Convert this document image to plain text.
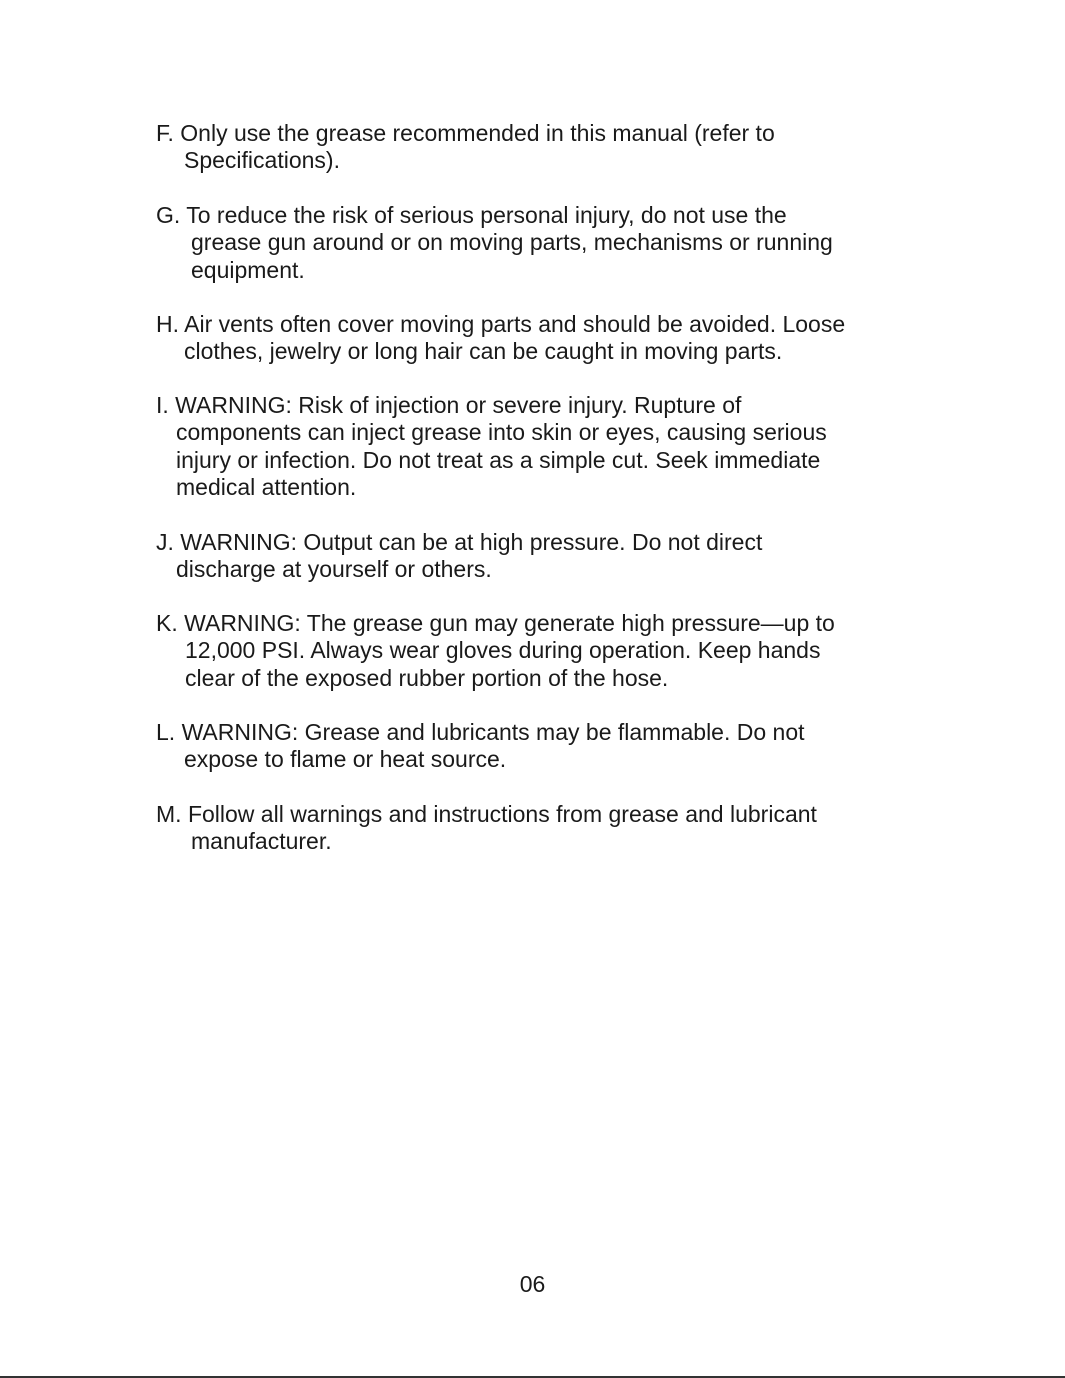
F. Only use the grease recommended in this manual (refer to
Specifications).
G. To reduce the risk of serious personal injury, do not use the
grease gun around or on moving parts, mechanisms or running
equipment.
H. Air vents often cover moving parts and should be avoided. Loose
clothes, jewelry or long hair can be caught in moving parts.
I. WARNING: Risk of injection or severe injury. Rupture of
components can inject grease into skin or eyes, causing serious
injury or infection. Do not treat as a simple cut. Seek immediate
medical attention.
J. WARNING: Output can be at high pressure. Do not direct
discharge at yourself or others.
K. WARNING: The grease gun may generate high pressure—up to
12,000 PSI. Always wear gloves during operation. Keep hands
clear of the exposed rubber portion of the hose.
L. WARNING: Grease and lubricants may be flammable. Do not
expose to flame or heat source.
M. Follow all warnings and instructions from grease and lubricant
manufacturer.
06
